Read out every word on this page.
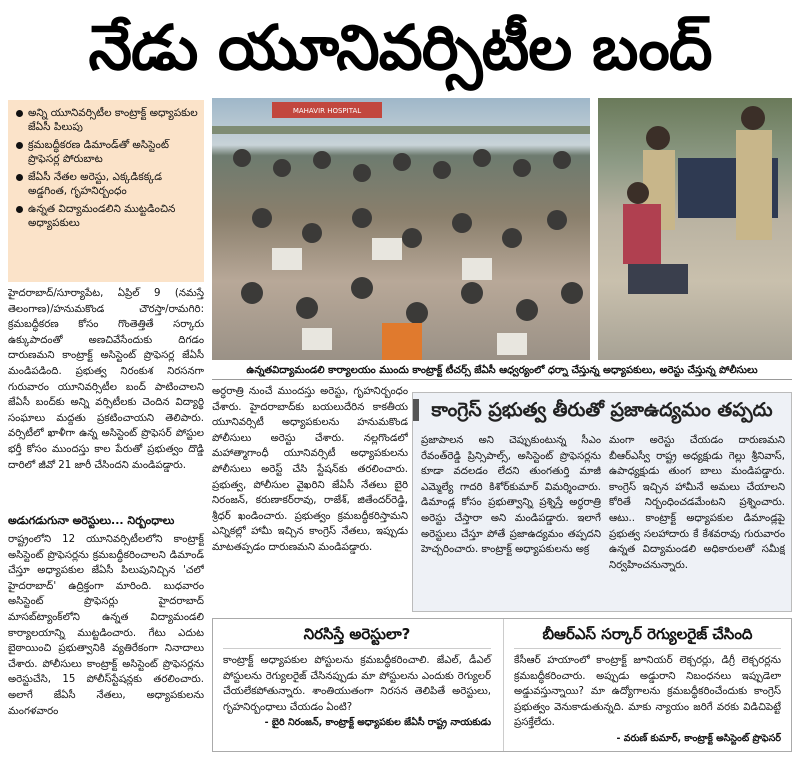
నేడు యూనివర్సిటీల బంద్
అన్ని యూనివర్సిటీల కాంట్రాక్ట్ అధ్యాపకుల జేఏసీ పిలుపు
క్రమబద్ధీకరణ డిమాండ్‌తో అసిస్టెంట్ ప్రొఫెసర్ల పోరుబాట
జేఏసీ నేతల అరెస్టు, ఎక్కడికక్కడ అడ్డగింత, గృహనిర్బంధం
ఉన్నత విద్యామండలిని ముట్టడించిన అధ్యాపకులు
MAHAVIR HOSPITAL
ఉన్నతవిద్యామండలి కార్యాలయం ముందు కాంట్రాక్ట్ టీచర్స్ జేఏసీ ఆధ్వర్యంలో ధర్నా చేస్తున్న అధ్యాపకులు, అరెస్టు చేస్తున్న పోలీసులు
హైదరాబాద్/సూర్యాపేట, ఏప్రిల్ 9 (నమస్తే తెలంగాణ)/హనుమకొండ చౌరస్తా/రామగిరి: క్రమబద్ధీకరణ కోసం గొంతెత్తితే సర్కారు ఉక్కుపాదంతో అణచివేసేందుకు దిగడం దారుణమని కాంట్రాక్ట్ అసిస్టెంట్ ప్రొఫెసర్ల జేఏసీ మండిపడింది. ప్రభుత్వ నిరంకుశ నిరసనగా గురువారం యూనివర్సిటీల బంద్ పాటించాలని జేఏసీ బంద్‌కు అన్ని వర్సిటీలకు చెందిన విద్యార్థి సంఘాలు మద్దతు ప్రకటించాయని తెలిపారు. వర్సిటీలో ఖాళీగా ఉన్న అసిస్టెంట్ ప్రొఫెసర్ పోస్టుల భర్తీ కోసం ముందస్తు కాల పేరుతో ప్రభుత్వం దొడ్డి దారిలో జీవో 21 జారీ చేసిందని మండిపడ్డారు.
అడుగడుగునా అరెస్టులు... నిర్బంధాలు
రాష్ట్రంలోని 12 యూనివర్సిటీలలోని కాంట్రాక్ట్ అసిస్టెంట్ ప్రొఫెసర్లను క్రమబద్ధీకరించాలని డిమాండ్ చేస్తూ అధ్యాపకుల జేఏసీ పిలుపునిచ్చిన 'చలో హైదరాబాద్' ఉద్రిక్తంగా మారింది. బుధవారం అసిస్టెంట్ ప్రొఫెసర్లు హైదరాబాద్ మాసబ్‌ట్యాంక్‌లోని ఉన్నత విద్యామండలి కార్యాలయాన్ని ముట్టడించారు. గేటు ఎదుట బైఠాయించి ప్రభుత్వానికి వ్యతిరేకంగా నినాదాలు చేశారు. పోలీసులు కాంట్రాక్ట్ అసిస్టెంట్ ప్రొఫెసర్లను అరెస్టుచేసి, 15 పోలీస్‌స్టేషన్లకు తరలించారు. అలాగే జేఏసీ నేతలు, అధ్యాపకులను మంగళవారం
అర్ధరాత్రి నుంచే ముందస్తు అరెస్టు, గృహనిర్బంధం చేశారు. హైదరాబాద్‌కు బయలుదేరిన కాకతీయ యూనివర్సిటీ అధ్యాపకులను హనుమకొండ పోలీసులు అరెస్టు చేశారు. నల్లగొండలో మహాత్మాగాంధీ యూనివర్సిటీ అధ్యాపకులను పోలీసులు అరెస్ట్ చేసి స్టేషన్‌కు తరలించారు. ప్రభుత్వ, పోలీసుల వైఖరిని జేఏసీ నేతలు బైరి నిరంజన్, కరుణాకర్‌రావు, రాజేశ్, జితేందర్‌రెడ్డి, శ్రీధర్ ఖండించారు. ప్రభుత్వం క్రమబద్ధీకరిస్తామని ఎన్నికల్లో హామీ ఇచ్చిన కాంగ్రెస్ నేతలు, ఇప్పుడు మాటతప్పడం దారుణమని మండిపడ్డారు.
కాంగ్రెస్ ప్రభుత్వ తీరుతో ప్రజాఉద్యమం తప్పదు
ప్రజాపాలన అని చెప్పుకుంటున్న సీఎం రేవంత్‌రెడ్డి ప్రిన్సిపాల్స్, అసిస్టెంట్ ప్రొఫెసర్లను కూడా వదలడం లేదని తుంగతుర్తి మాజీ ఎమ్మెల్యే గాదరి కిశోర్‌కుమార్ విమర్శించారు. డిమాండ్ల కోసం ప్రభుత్వాన్ని ప్రశ్నిస్తే అర్ధరాత్రి అరెస్టు చేస్తారా అని మండిపడ్డారు. ఇలాగే అరెస్టులు చేస్తూ పోతే ప్రజాఉద్యమం తప్పదని హెచ్చరించారు. కాంట్రాక్ట్ అధ్యాపకులను అక్ర
మంగా అరెస్టు చేయడం దారుణమని బీఆర్‌ఎస్వీ రాష్ట్ర అధ్యక్షుడు గెల్లు శ్రీనివాస్, ఉపాధ్యక్షుడు తుంగ బాలు మండిపడ్డారు. కాంగ్రెస్ ఇచ్చిన హామీనే అమలు చేయాలని కోరితే నిర్బంధించడమేంటని ప్రశ్నించారు. ఆటు.. కాంట్రాక్ట్ అధ్యాపకుల డిమాండ్లపై ప్రభుత్వ సలహాదారు కే కేశవరావు గురువారం ఉన్నత విద్యామండలి అధికారులతో సమీక్ష నిర్వహించనున్నారు.
నిరసిస్తే అరెస్టులా?

కాంట్రాక్ట్ అధ్యాపకుల పోస్టులను క్రమబద్ధీకరించాలి. జేఎల్, డీఎల్ పోస్టులను రెగ్యులరైజ్ చేసినప్పుడు మా పోస్టులను ఎందుకు రెగ్యులర్ చేయలేకపోతున్నారు. శాంతియుతంగా నిరసన తెలిపితే అరెస్టులు, గృహనిర్బంధాలు చేయడం ఏంటి?

- బైరి నిరంజన్, కాంట్రాక్ట్ అధ్యాపకుల జేఏసీ రాష్ట్ర నాయకుడు
బీఆర్‌ఎస్ సర్కార్ రెగ్యులరైజ్ చేసింది

కేసీఆర్ హయాంలో కాంట్రాక్ట్ జూనియర్ లెక్చరర్లు, డిగ్రీ లెక్చరర్లను క్రమబద్ధీకరించారు. అప్పుడు అడ్డురాని నిబంధనలు ఇప్పుడెలా అడ్డువస్తున్నాయి? మా ఉద్యోగాలను క్రమబద్ధీకరించేందుకు కాంగ్రెస్ ప్రభుత్వం వెనుకాడుతున్నది. మాకు న్యాయం జరిగే వరకు విడిచిపెట్టే ప్రసక్తేలేదు.

- వరుణ్‌ కుమార్, కాంట్రాక్ట్ అసిస్టెంట్ ప్రొఫెసర్
